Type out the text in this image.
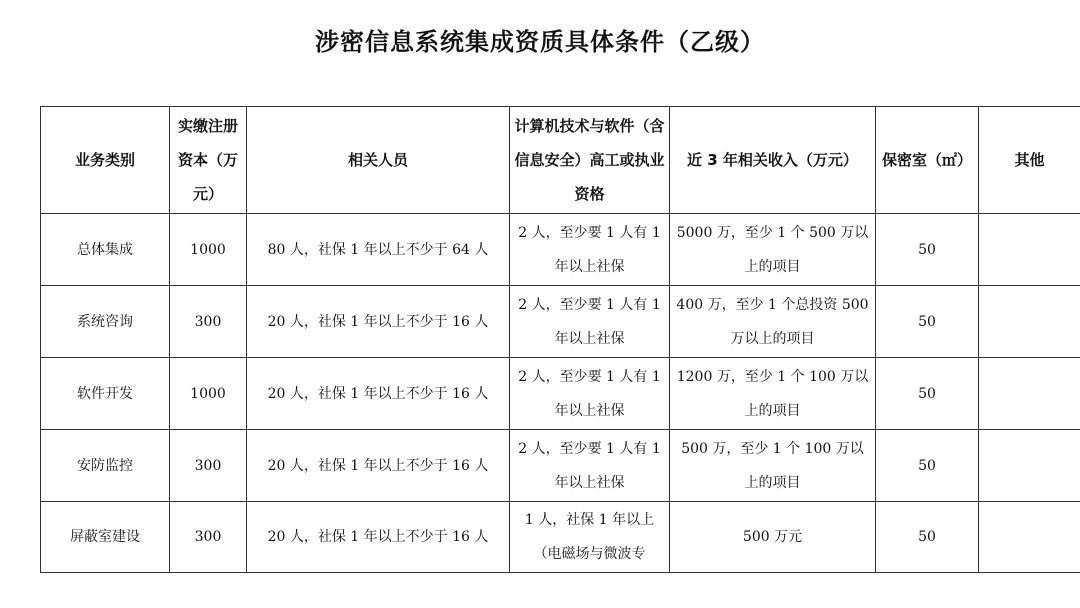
涉密信息系统集成资质具体条件（乙级）
业务类别	实缴注册资本（万元）	相关人员	计算机技术与软件（含信息安全）高工或执业资格	近 3 年相关收入（万元）	保密室（㎡）	其他
总体集成	1000	80 人，社保 1 年以上不少于 64 人	2 人，至少要 1 人有 1 年以上社保	5000 万，至少 1 个 500 万以上的项目	50	
系统咨询	300	20 人，社保 1 年以上不少于 16 人	2 人，至少要 1 人有 1 年以上社保	400 万，至少 1 个总投资 500 万以上的项目	50	
软件开发	1000	20 人，社保 1 年以上不少于 16 人	2 人，至少要 1 人有 1 年以上社保	1200 万，至少 1 个 100 万以上的项目	50	
安防监控	300	20 人，社保 1 年以上不少于 16 人	2 人，至少要 1 人有 1 年以上社保	500 万，至少 1 个 100 万以上的项目	50	
屏蔽室建设	300	20 人，社保 1 年以上不少于 16 人	1 人，社保 1 年以上（电磁场与微波专	500 万元	50	
